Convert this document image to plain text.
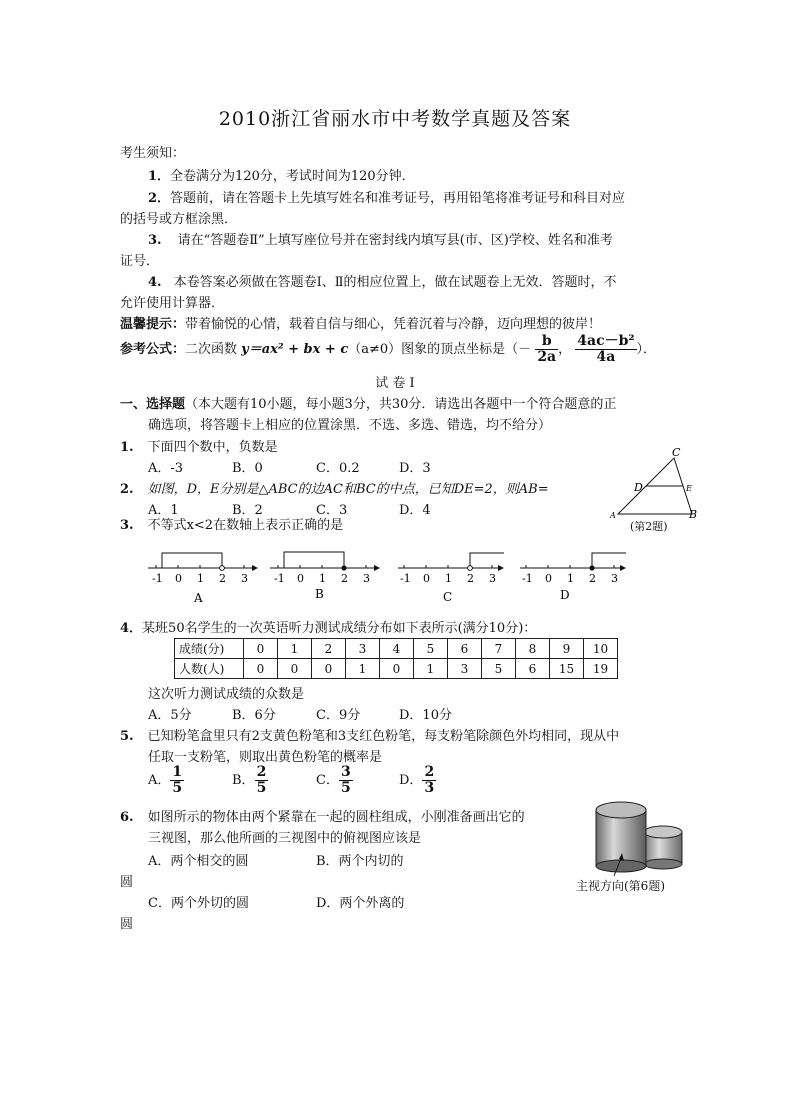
2010浙江省丽水市中考数学真题及答案
考生须知：
1．全卷满分为120分，考试时间为120分钟．
2．答题前，请在答题卡上先填写姓名和准考证号，再用铅笔将准考证号和科目对应
的括号或方框涂黑．
3. 请在“答题卷Ⅱ”上填写座位号并在密封线内填写县(市、区)学校、姓名和准考
证号．
4. 本卷答案必须做在答题卷Ⅰ、Ⅱ的相应位置上，做在试题卷上无效．答题时，不
允许使用计算器．
温馨提示：带着愉悦的心情，载着自信与细心，凭着沉着与冷静，迈向理想的彼岸！
参考公式：二次函数 y＝ax² + bx + c（a≠0）图象的顶点坐标是（－ $\frac{b}{2a}$ ， $\frac{\text{4ac－b²}}{4a}$ ）．
试 卷 Ⅰ
一、选择题（本大题有10小题，每小题3分，共30分．请选出各题中一个符合题意的正
确选项，将答题卡上相应的位置涂黑．不选、多选、错选，均不给分）
1. 下面四个数中，负数是
A．-3	B．0	C．0.2	D．3
2. 如图，D，E分别是△ABC的边AC和BC的中点，已知DE=2，则AB=
A．1	B．2	C．3	D．4
C
D	E
A	B
(第2题)
3. 不等式x<2在数轴上表示正确的是
-1 0 1 2 3
A
-1 0 1 2 3
B
-1 0 1 2 3
C
-1 0 1 2 3
D
4．某班50名学生的一次英语听力测试成绩分布如下表所示(满分10分)：
成绩(分)	0	1	2	3	4	5	6	7	8	9	10
人数(人)	0	0	0	1	0	1	3	5	6	15	19
这次听力测试成绩的众数是
A．5分	B．6分	C．9分	D．10分
5. 已知粉笔盒里只有2支黄色粉笔和3支红色粉笔，每支粉笔除颜色外均相同，现从中
任取一支粉笔，则取出黄色粉笔的概率是
A． $\frac{1}{5}$	B． $\frac{2}{5}$	C． $\frac{3}{5}$	D． $\frac{2}{3}$
6. 如图所示的物体由两个紧靠在一起的圆柱组成，小刚准备画出它的
三视图，那么他所画的三视图中的俯视图应该是
A．两个相交的圆	B．两个内切的
圆
C．两个外切的圆	D．两个外离的
圆
主视方向(第6题)
